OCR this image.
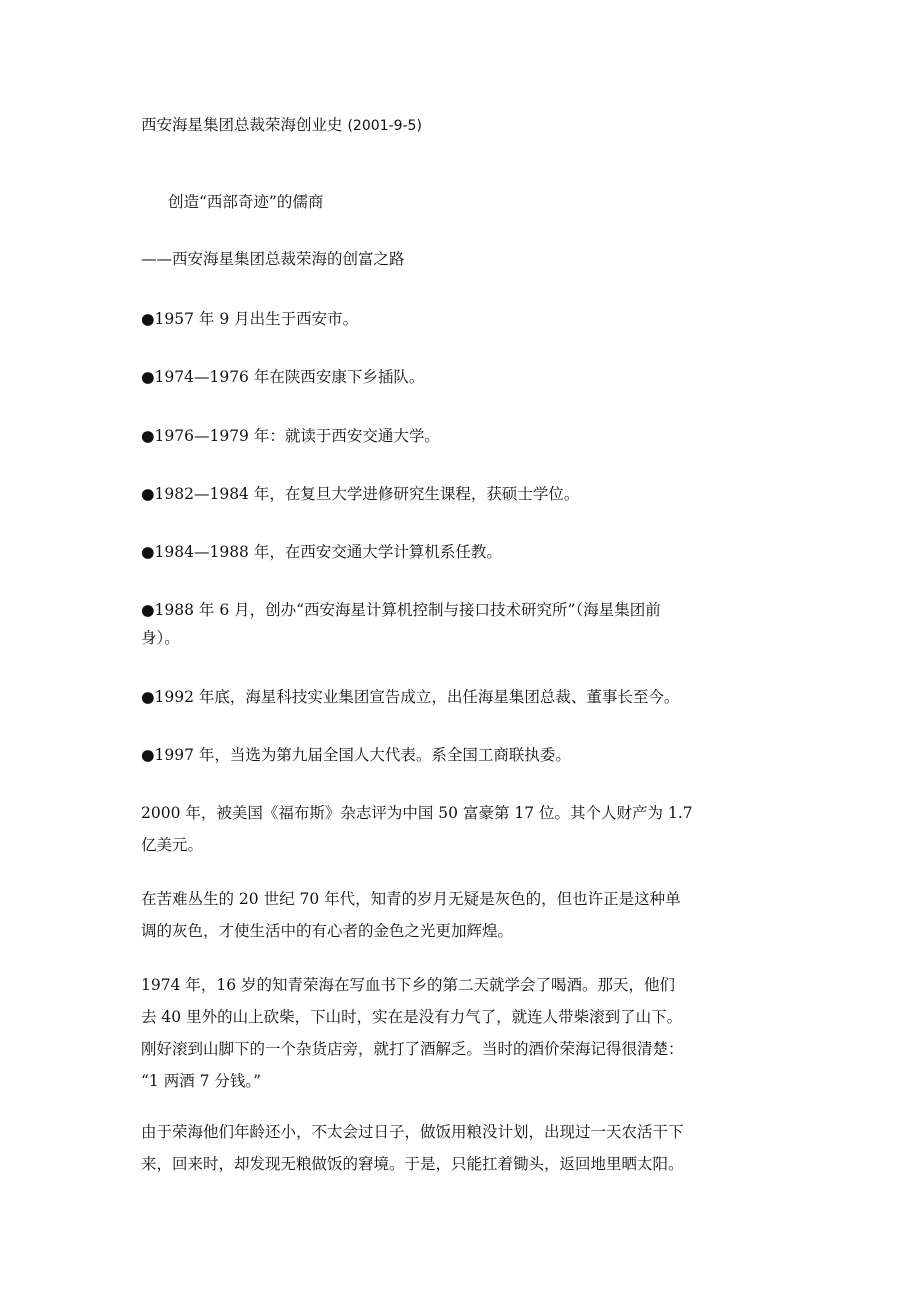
西安海星集团总裁荣海创业史 (2001-9-5)
.
创造“西部奇迹”的儒商
——西安海星集团总裁荣海的创富之路
●1957 年 9 月出生于西安市。
●1974—1976 年在陕西安康下乡插队。
●1976—1979 年：就读于西安交通大学。
●1982—1984 年，在复旦大学进修研究生课程，获硕士学位。
●1984—1988 年，在西安交通大学计算机系任教。
●1988 年 6 月，创办“西安海星计算机控制与接口技术研究所”（海星集团前
身）。
●1992 年底，海星科技实业集团宣告成立，出任海星集团总裁、董事长至今。
●1997 年，当选为第九届全国人大代表。系全国工商联执委。
2000 年，被美国《福布斯》杂志评为中国 50 富豪第 17 位。其个人财产为 1.7
亿美元。
在苦难丛生的 20 世纪 70 年代，知青的岁月无疑是灰色的，但也许正是这种单
调的灰色，才使生活中的有心者的金色之光更加辉煌。
1974 年，16 岁的知青荣海在写血书下乡的第二天就学会了喝酒。那天，他们
去 40 里外的山上砍柴，下山时，实在是没有力气了，就连人带柴滚到了山下。
刚好滚到山脚下的一个杂货店旁，就打了酒解乏。当时的酒价荣海记得很清楚：
“1 两酒 7 分钱。”
由于荣海他们年龄还小，不太会过日子，做饭用粮没计划，出现过一天农活干下
来，回来时，却发现无粮做饭的窘境。于是，只能扛着锄头，返回地里晒太阳。
